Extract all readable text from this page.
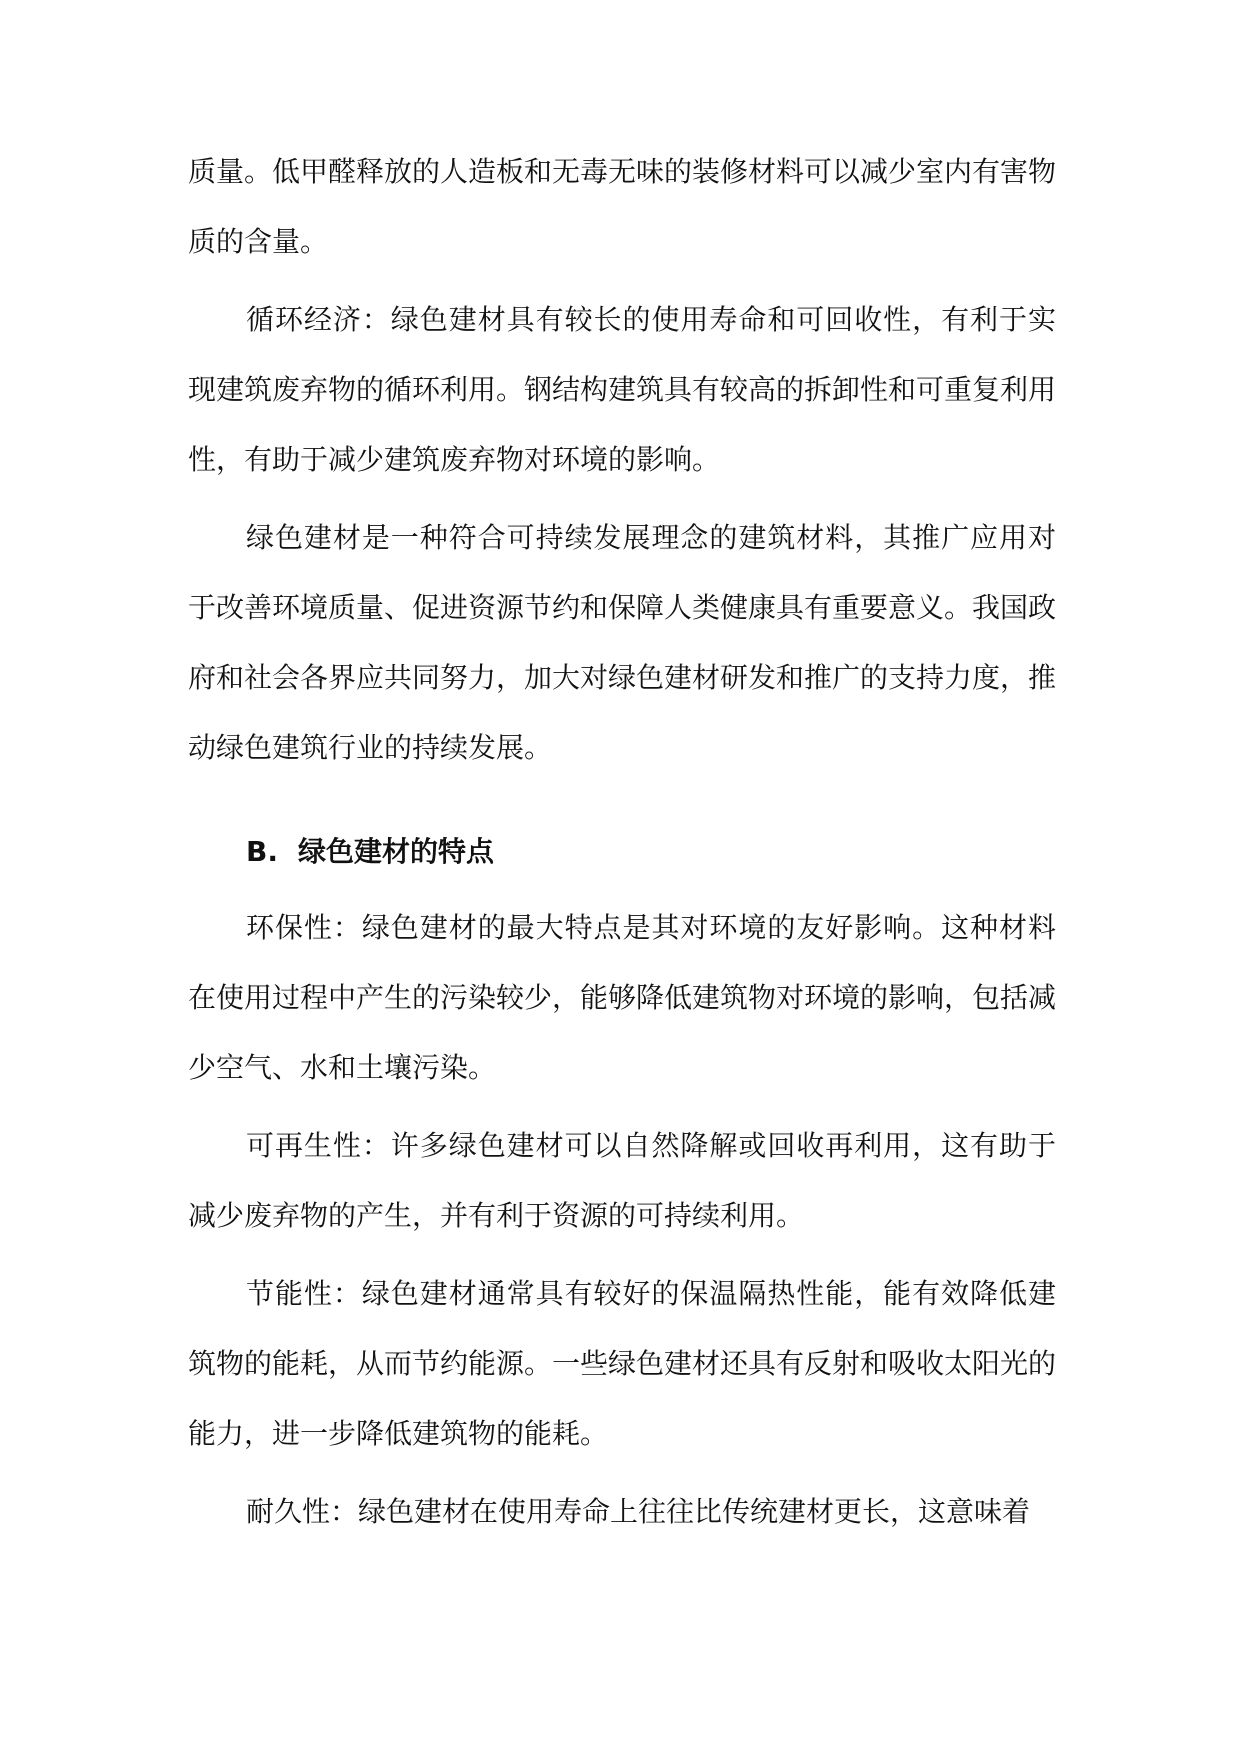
质量。低甲醛释放的人造板和无毒无味的装修材料可以减少室内有害物质的含量。

循环经济：绿色建材具有较长的使用寿命和可回收性，有利于实现建筑废弃物的循环利用。钢结构建筑具有较高的拆卸性和可重复利用性，有助于减少建筑废弃物对环境的影响。

绿色建材是一种符合可持续发展理念的建筑材料，其推广应用对于改善环境质量、促进资源节约和保障人类健康具有重要意义。我国政府和社会各界应共同努力，加大对绿色建材研发和推广的支持力度，推动绿色建筑行业的持续发展。

B. 绿色建材的特点

环保性：绿色建材的最大特点是其对环境的友好影响。这种材料在使用过程中产生的污染较少，能够降低建筑物对环境的影响，包括减少空气、水和土壤污染。

可再生性：许多绿色建材可以自然降解或回收再利用，这有助于减少废弃物的产生，并有利于资源的可持续利用。

节能性：绿色建材通常具有较好的保温隔热性能，能有效降低建筑物的能耗，从而节约能源。一些绿色建材还具有反射和吸收太阳光的能力，进一步降低建筑物的能耗。

耐久性：绿色建材在使用寿命上往往比传统建材更长，这意味着
